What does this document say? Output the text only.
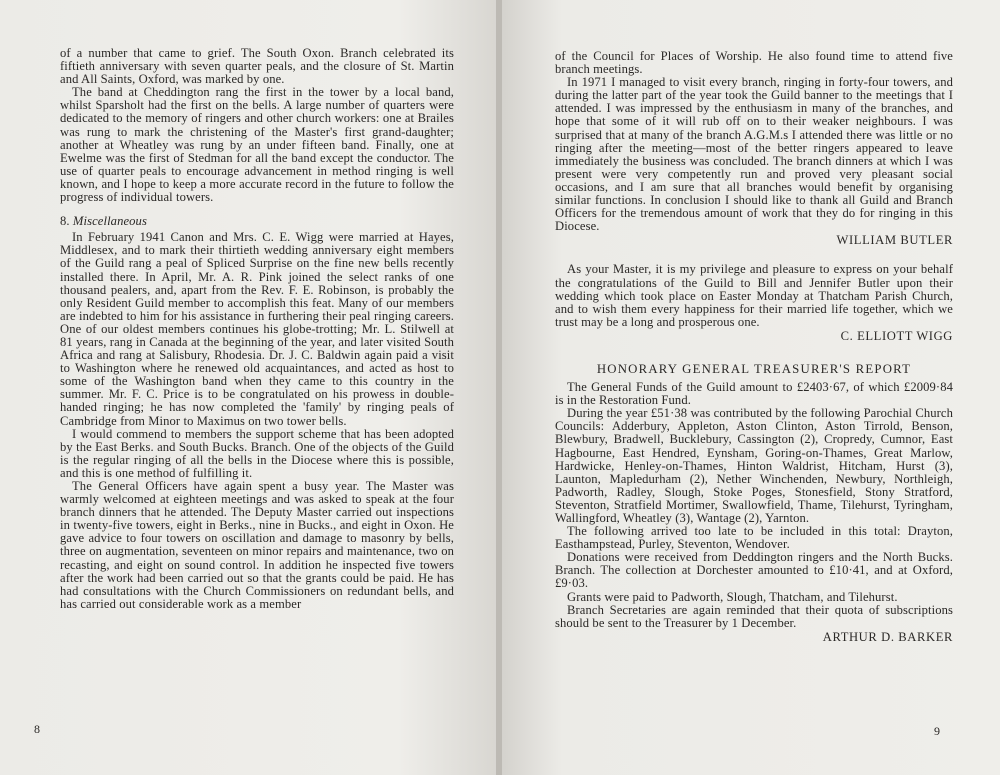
of a number that came to grief. The South Oxon. Branch celebrated its fiftieth anniversary with seven quarter peals, and the closure of St. Martin and All Saints, Oxford, was marked by one.

The band at Cheddington rang the first in the tower by a local band, whilst Sparsholt had the first on the bells. A large number of quarters were dedicated to the memory of ringers and other church workers: one at Brailes was rung to mark the christening of the Master's first grand-daughter; another at Wheatley was rung by an under fifteen band. Finally, one at Ewelme was the first of Stedman for all the band except the conductor. The use of quarter peals to encourage advancement in method ringing is well known, and I hope to keep a more accurate record in the future to follow the progress of individual towers.

8. Miscellaneous

In February 1941 Canon and Mrs. C. E. Wigg were married at Hayes, Middlesex, and to mark their thirtieth wedding anniversary eight members of the Guild rang a peal of Spliced Surprise on the fine new bells recently installed there. In April, Mr. A. R. Pink joined the select ranks of one thousand pealers, and, apart from the Rev. F. E. Robinson, is probably the only Resident Guild member to accomplish this feat. Many of our members are indebted to him for his assistance in furthering their peal ringing careers. One of our oldest members continues his globe-trotting; Mr. L. Stilwell at 81 years, rang in Canada at the beginning of the year, and later visited South Africa and rang at Salisbury, Rhodesia. Dr. J. C. Baldwin again paid a visit to Washington where he renewed old acquaintances, and acted as host to some of the Washington band when they came to this country in the summer. Mr. F. C. Price is to be congratulated on his prowess in double-handed ringing; he has now completed the 'family' by ringing peals of Cambridge from Minor to Maximus on two tower bells.

I would commend to members the support scheme that has been adopted by the East Berks. and South Bucks. Branch. One of the objects of the Guild is the regular ringing of all the bells in the Diocese where this is possible, and this is one method of fulfilling it.

The General Officers have again spent a busy year. The Master was warmly welcomed at eighteen meetings and was asked to speak at the four branch dinners that he attended. The Deputy Master carried out inspections in twenty-five towers, eight in Berks., nine in Bucks., and eight in Oxon. He gave advice to four towers on oscillation and damage to masonry by bells, three on augmentation, seventeen on minor repairs and maintenance, two on recasting, and eight on sound control. In addition he inspected five towers after the work had been carried out so that the grants could be paid. He has had consultations with the Church Commissioners on redundant bells, and has carried out considerable work as a member

8

of the Council for Places of Worship. He also found time to attend five branch meetings.

In 1971 I managed to visit every branch, ringing in forty-four towers, and during the latter part of the year took the Guild banner to the meetings that I attended. I was impressed by the enthusiasm in many of the branches, and hope that some of it will rub off on to their weaker neighbours. I was surprised that at many of the branch A.G.M.s I attended there was little or no ringing after the meeting—most of the better ringers appeared to leave immediately the business was concluded. The branch dinners at which I was present were very competently run and proved very pleasant social occasions, and I am sure that all branches would benefit by organising similar functions. In conclusion I should like to thank all Guild and Branch Officers for the tremendous amount of work that they do for ringing in this Diocese.

WILLIAM BUTLER

As your Master, it is my privilege and pleasure to express on your behalf the congratulations of the Guild to Bill and Jennifer Butler upon their wedding which took place on Easter Monday at Thatcham Parish Church, and to wish them every happiness for their married life together, which we trust may be a long and prosperous one.

C. ELLIOTT WIGG
HONORARY GENERAL TREASURER'S REPORT

The General Funds of the Guild amount to £2403·67, of which £2009·84 is in the Restoration Fund.

During the year £51·38 was contributed by the following Parochial Church Councils: Adderbury, Appleton, Aston Clinton, Aston Tirrold, Benson, Blewbury, Bradwell, Bucklebury, Cassington (2), Cropredy, Cumnor, East Hagbourne, East Hendred, Eynsham, Goring-on-Thames, Great Marlow, Hardwicke, Henley-on-Thames, Hinton Waldrist, Hitcham, Hurst (3), Launton, Mapledurham (2), Nether Winchenden, Newbury, Northleigh, Padworth, Radley, Slough, Stoke Poges, Stonesfield, Stony Stratford, Steventon, Stratfield Mortimer, Swallowfield, Thame, Tilehurst, Tyringham, Wallingford, Wheatley (3), Wantage (2), Yarnton.

The following arrived too late to be included in this total: Drayton, Easthampstead, Purley, Steventon, Wendover.

Donations were received from Deddington ringers and the North Bucks. Branch. The collection at Dorchester amounted to £10·41, and at Oxford, £9·03.

Grants were paid to Padworth, Slough, Thatcham, and Tilehurst.

Branch Secretaries are again reminded that their quota of subscriptions should be sent to the Treasurer by 1 December.

ARTHUR D. BARKER
9
